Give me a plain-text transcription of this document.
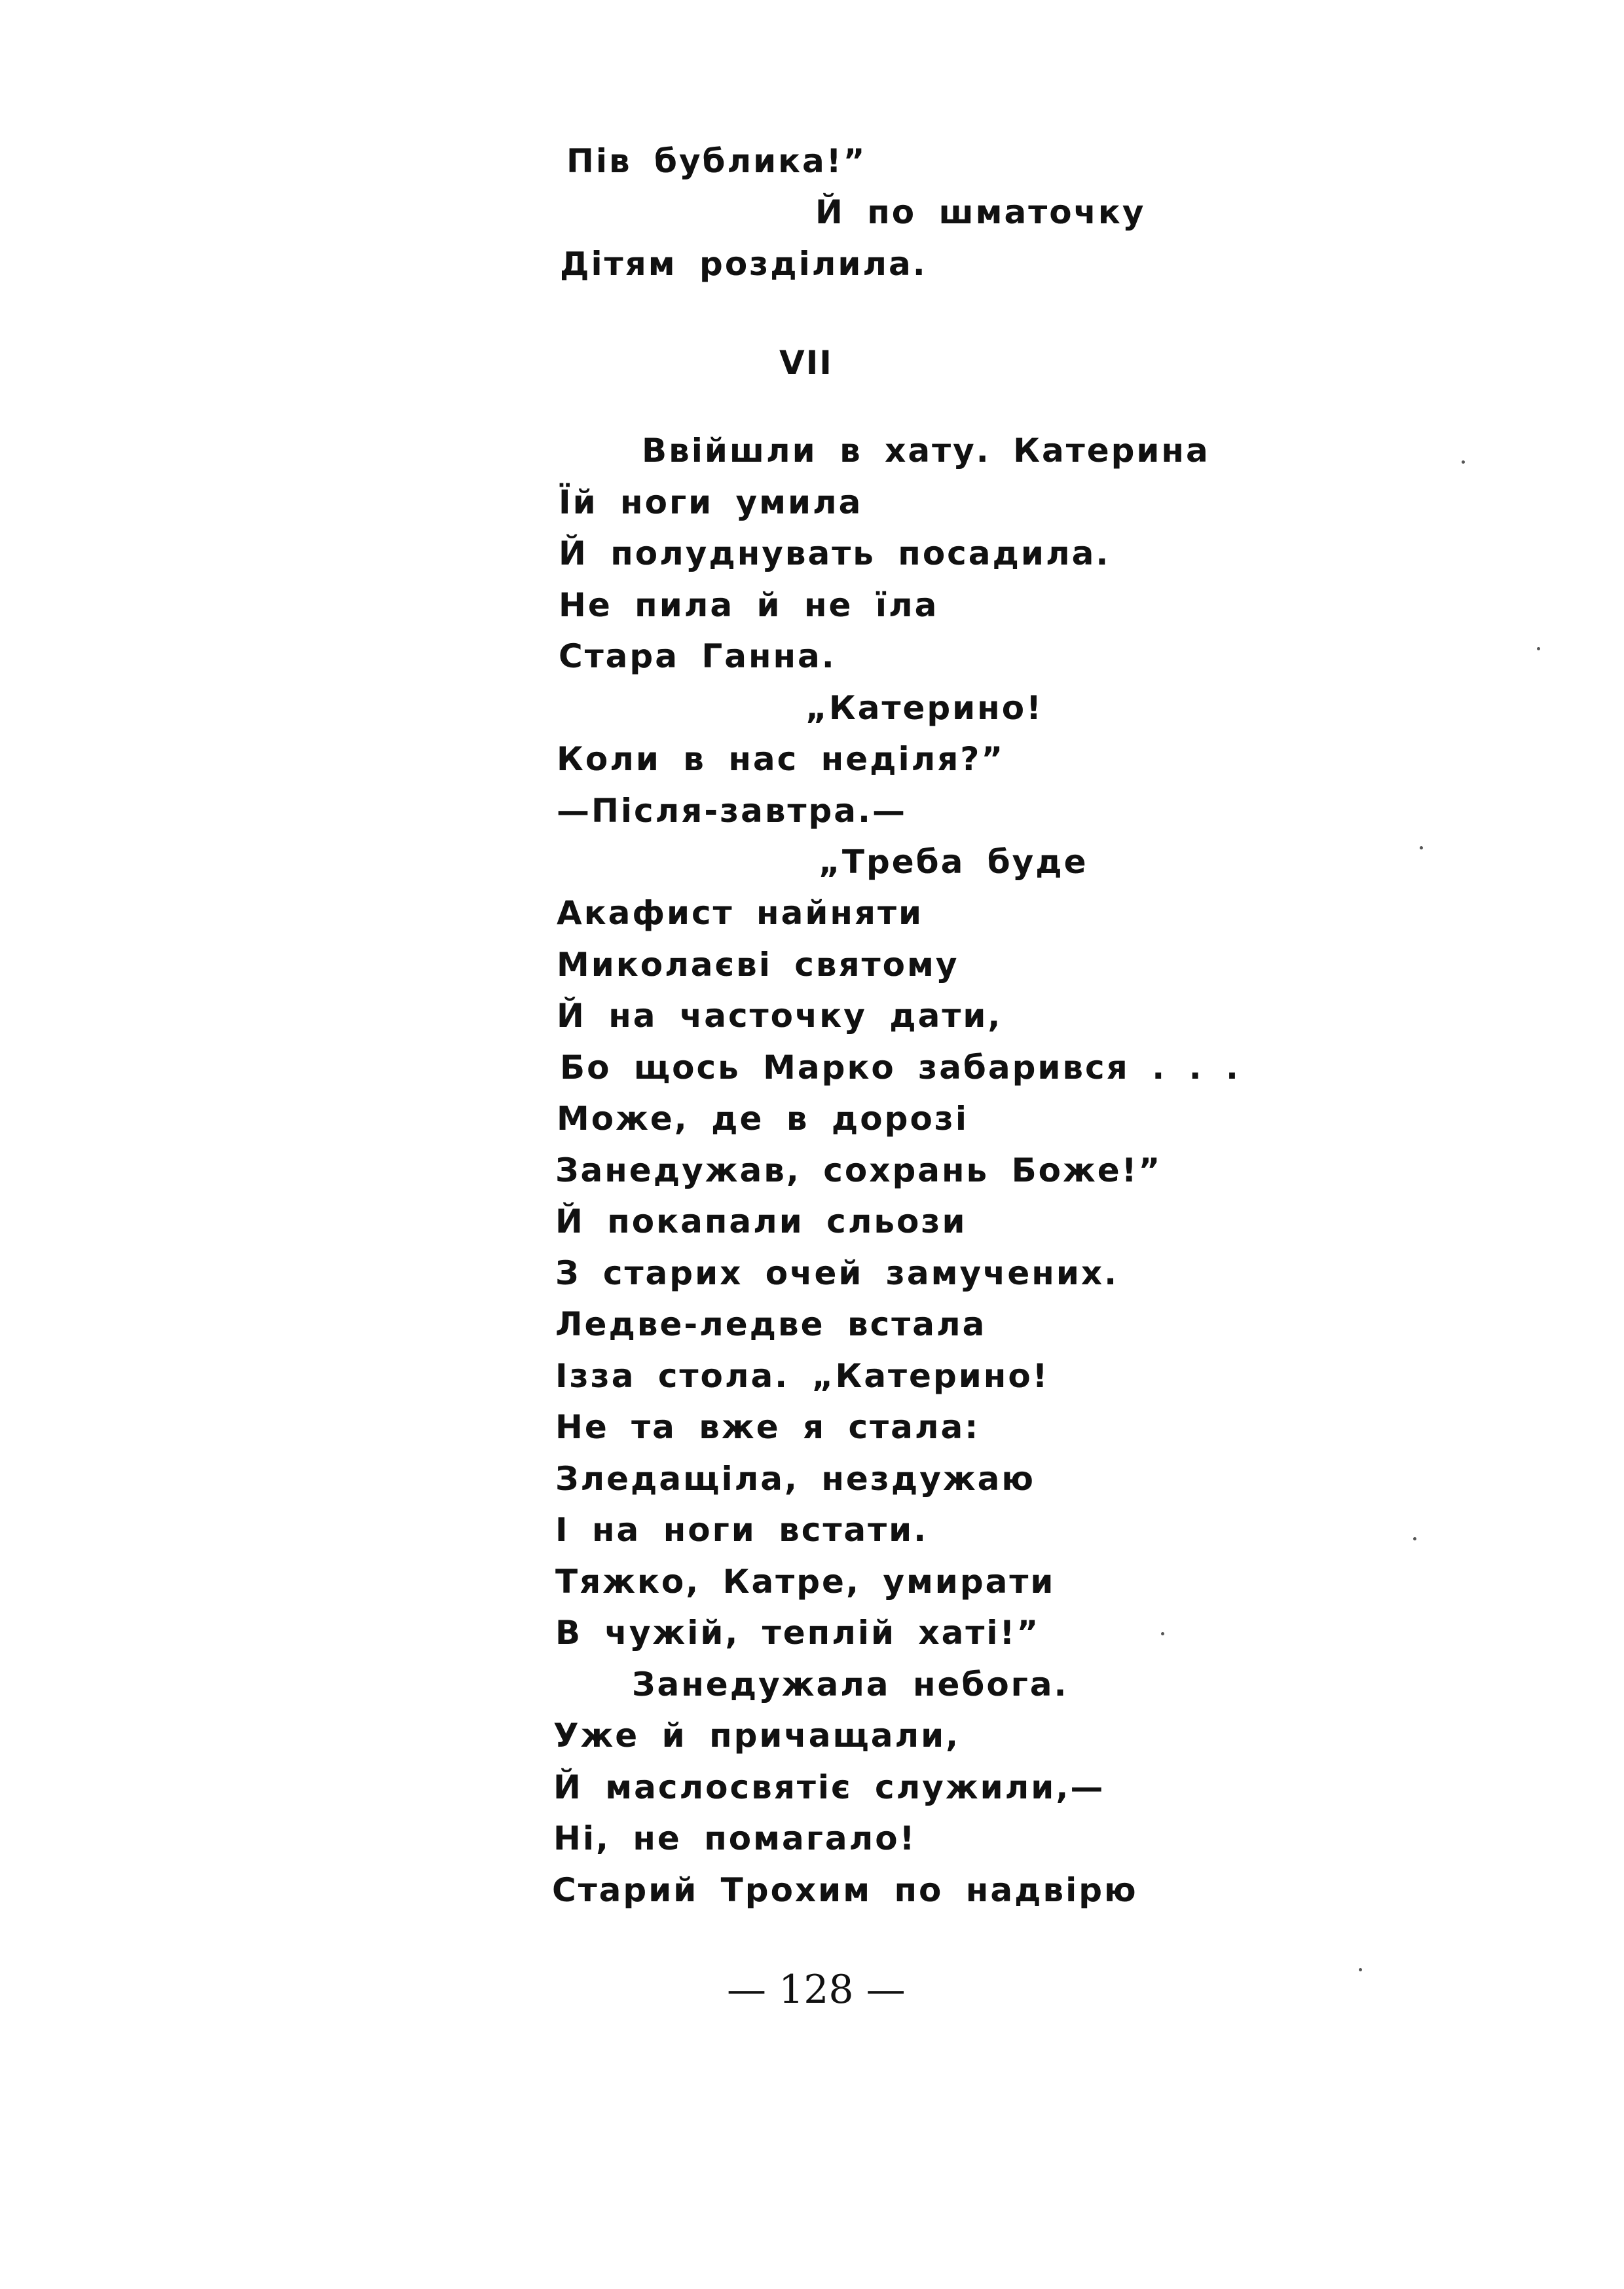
Пів бублика!”
Й по шматочку
Дітям розділила.
VII
Ввійшли в хату. Катерина
Їй ноги умила
Й полуднувать посадила.
Не пила й не їла
Стара Ганна.
„Катерино!
Коли в нас неділя?”
—Після-завтра.—
„Треба буде
Акафист найняти
Миколаєві святому
Й на часточку дати,
Бо щось Марко забарився . . .
Може, де в дорозі
Занедужав, сохрань Боже!”
Й покапали сльози
З старих очей замучених.
Ледве-ледве встала
Ізза стола. „Катерино!
Не та вже я стала:
Зледащіла, нездужаю
І на ноги встати.
Тяжко, Катре, умирати
В чужій, теплій хаті!”
Занедужала небога.
Уже й причащали,
Й маслосвятіє служили,—
Ні, не помагало!
Старий Трохим по надвірю
— 128 —
